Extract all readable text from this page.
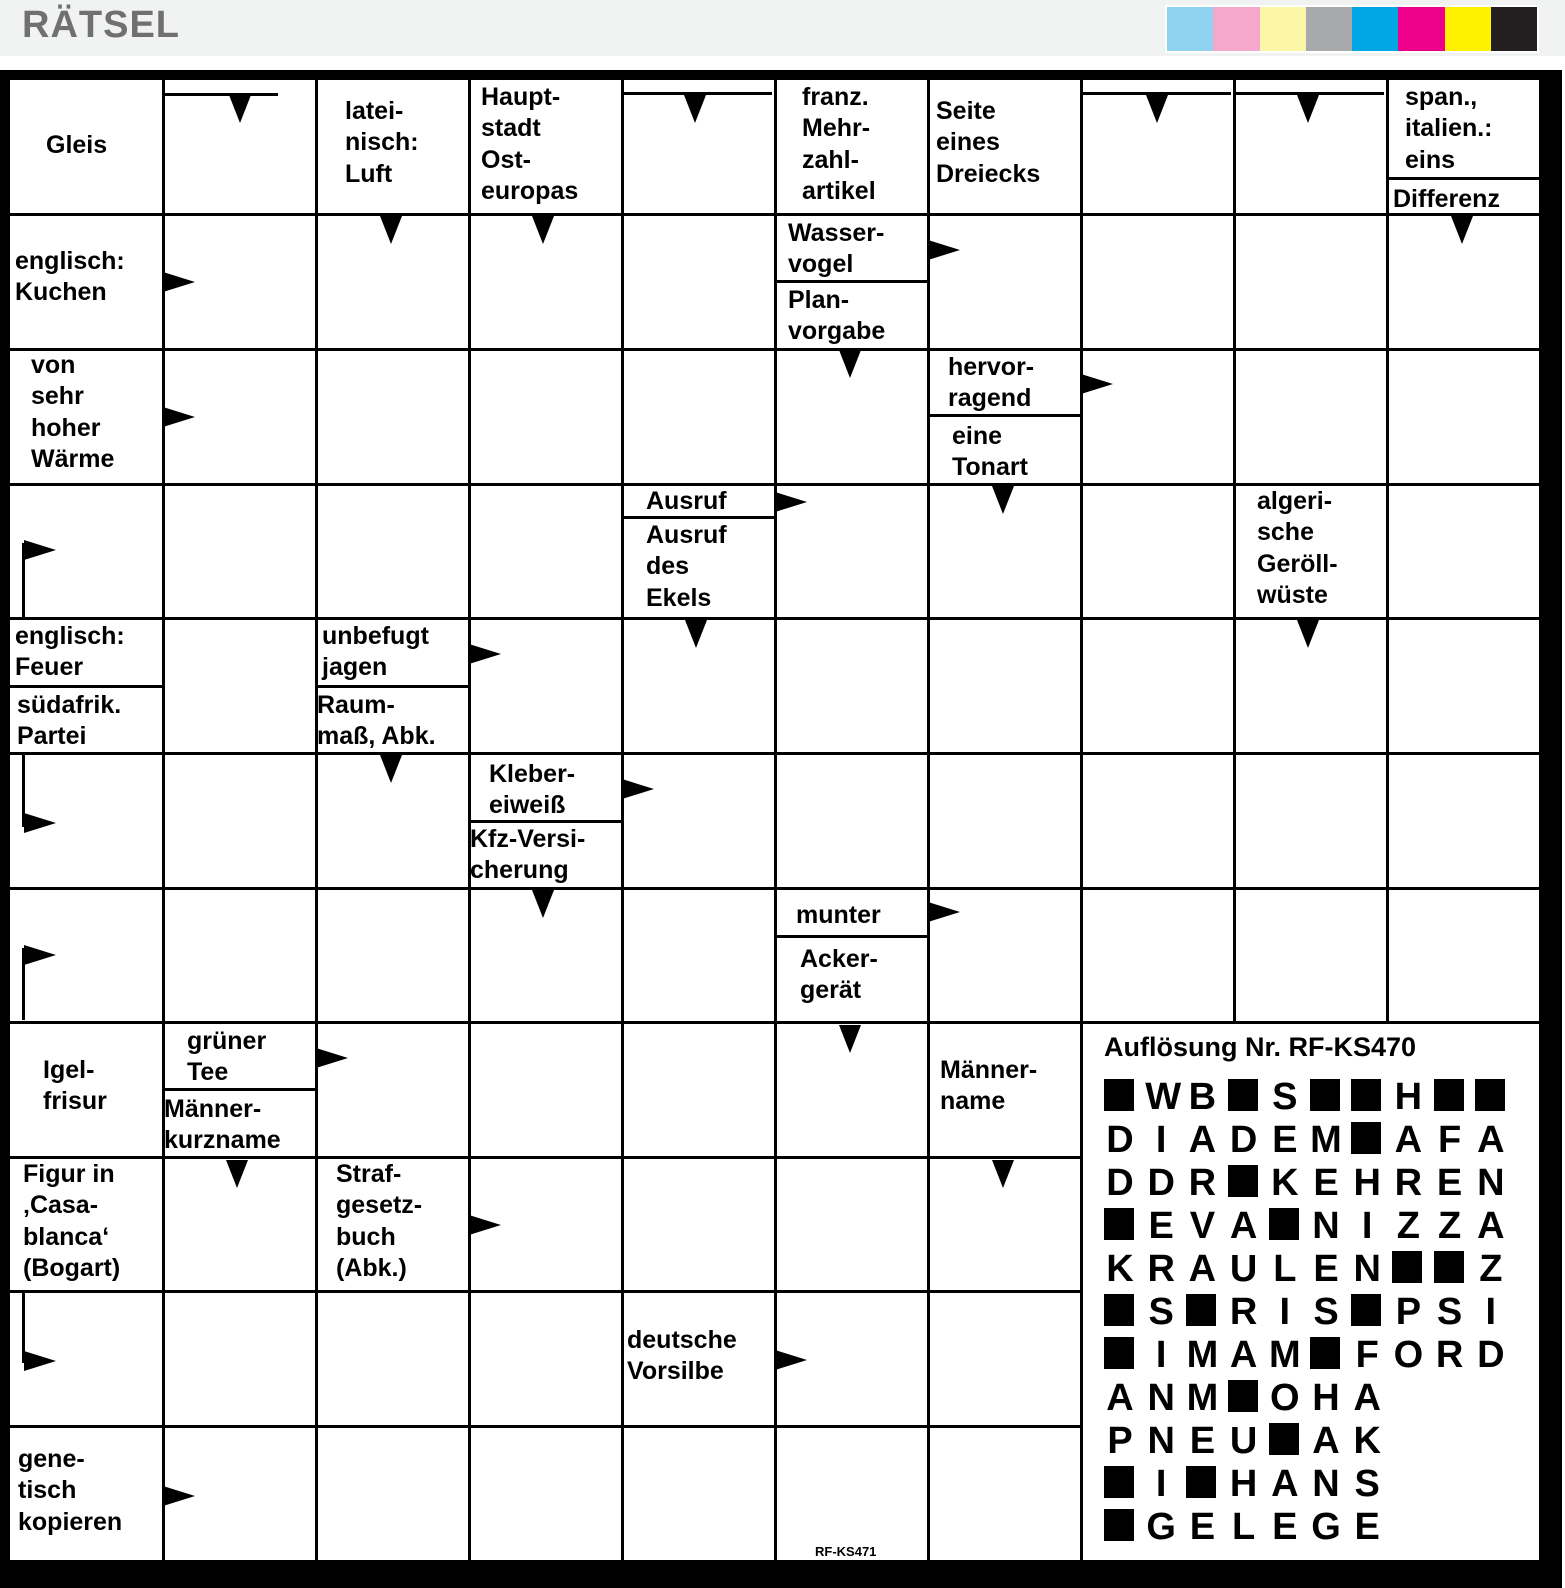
RÄTSEL
Gleis
latei-
nisch:
Luft
Haupt-
stadt
Ost-
europas
franz.
Mehr-
zahl-
artikel
Seite
eines
Dreiecks
span.,
italien.:
eins
Differenz
englisch:
Kuchen
Wasser-
vogel
Plan-
vorgabe
von
sehr
hoher
Wärme
hervor-
ragend
eine
Tonart
Ausruf
Ausruf
des
Ekels
algeri-
sche
Geröll-
wüste
englisch:
Feuer
südafrik.
Partei
unbefugt
jagen
Raum-
maß, Abk.
Kleber-
eiweiß
Kfz-Versi-
cherung
munter
Acker-
gerät
Igel-
frisur
grüner
Tee
Männer-
kurzname
Männer-
name
Figur in
‚Casa-
blanca‘
(Bogart)
Straf-
gesetz-
buch
(Abk.)
deutsche
Vorsilbe
gene-
tisch
kopieren
Auflösung Nr. RF-KS470
W B S	H
D I A D E M A F A
D D R K E H R E N
E V A N I Z Z A
K R A U L E N	Z
S R I S P S I
I M A M F O R D
A N M O H A
P N E U A K
I H A N S
G E L E G E
RF-KS471
